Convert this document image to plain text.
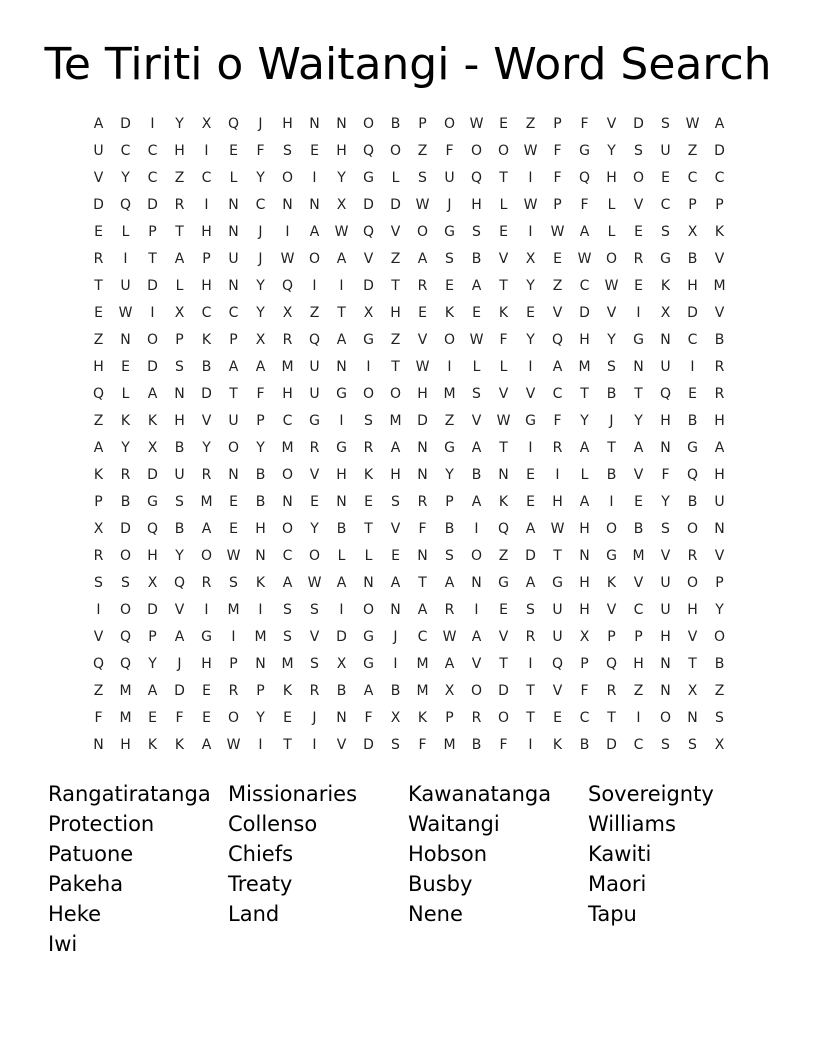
Te Tiriti o Waitangi - Word Search
A	D	I	Y	X	Q	J	H	N	N	O	B	P	O	W	E	Z	P	F	V	D	S	W	A
U	C	C	H	I	E	F	S	E	H	Q	O	Z	F	O	O	W	F	G	Y	S	U	Z	D
V	Y	C	Z	C	L	Y	O	I	Y	G	L	S	U	Q	T	I	F	Q	H	O	E	C	C
D	Q	D	R	I	N	C	N	N	X	D	D	W	J	H	L	W	P	F	L	V	C	P	P
E	L	P	T	H	N	J	I	A	W	Q	V	O	G	S	E	I	W	A	L	E	S	X	K
R	I	T	A	P	U	J	W	O	A	V	Z	A	S	B	V	X	E	W	O	R	G	B	V
T	U	D	L	H	N	Y	Q	I	I	D	T	R	E	A	T	Y	Z	C	W	E	K	H	M
E	W	I	X	C	C	Y	X	Z	T	X	H	E	K	E	K	E	V	D	V	I	X	D	V
Z	N	O	P	K	P	X	R	Q	A	G	Z	V	O	W	F	Y	Q	H	Y	G	N	C	B
H	E	D	S	B	A	A	M	U	N	I	T	W	I	L	L	I	A	M	S	N	U	I	R
Q	L	A	N	D	T	F	H	U	G	O	O	H	M	S	V	V	C	T	B	T	Q	E	R
Z	K	K	H	V	U	P	C	G	I	S	M	D	Z	V	W	G	F	Y	J	Y	H	B	H
A	Y	X	B	Y	O	Y	M	R	G	R	A	N	G	A	T	I	R	A	T	A	N	G	A
K	R	D	U	R	N	B	O	V	H	K	H	N	Y	B	N	E	I	L	B	V	F	Q	H
P	B	G	S	M	E	B	N	E	N	E	S	R	P	A	K	E	H	A	I	E	Y	B	U
X	D	Q	B	A	E	H	O	Y	B	T	V	F	B	I	Q	A	W	H	O	B	S	O	N
R	O	H	Y	O	W	N	C	O	L	L	E	N	S	O	Z	D	T	N	G	M	V	R	V
S	S	X	Q	R	S	K	A	W	A	N	A	T	A	N	G	A	G	H	K	V	U	O	P
I	O	D	V	I	M	I	S	S	I	O	N	A	R	I	E	S	U	H	V	C	U	H	Y
V	Q	P	A	G	I	M	S	V	D	G	J	C	W	A	V	R	U	X	P	P	H	V	O
Q	Q	Y	J	H	P	N	M	S	X	G	I	M	A	V	T	I	Q	P	Q	H	N	T	B
Z	M	A	D	E	R	P	K	R	B	A	B	M	X	O	D	T	V	F	R	Z	N	X	Z
F	M	E	F	E	O	Y	E	J	N	F	X	K	P	R	O	T	E	C	T	I	O	N	S
N	H	K	K	A	W	I	T	I	V	D	S	F	M	B	F	I	K	B	D	C	S	S	X
Rangatiratanga Missionaries	Kawanatanga	Sovereignty
Protection	Collenso	Waitangi	Williams
Patuone	Chiefs	Hobson	Kawiti
Pakeha	Treaty	Busby	Maori
Heke	Land	Nene	Tapu
Iwi
